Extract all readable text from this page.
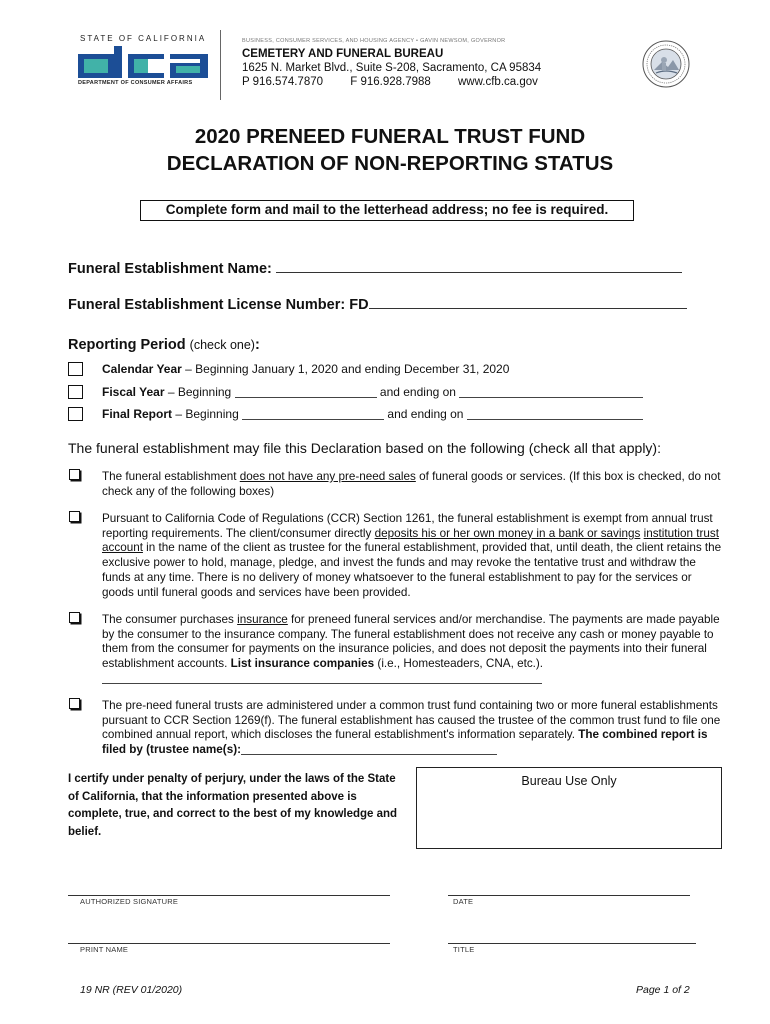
STATE OF CALIFORNIA
DEPARTMENT OF CONSUMER AFFAIRS
BUSINESS, CONSUMER SERVICES, AND HOUSING AGENCY • GAVIN NEWSOM, GOVERNOR
CEMETERY AND FUNERAL BUREAU
1625 N. Market Blvd., Suite S-208, Sacramento, CA 95834
P 916.574.7870 F 916.928.7988 www.cfb.ca.gov
2020 PRENEED FUNERAL TRUST FUND
DECLARATION OF NON-REPORTING STATUS
Complete form and mail to the letterhead address; no fee is required.
Funeral Establishment Name:
Funeral Establishment License Number: FD
Reporting Period (check one):
Calendar Year – Beginning January 1, 2020 and ending December 31, 2020
Fiscal Year – Beginning	and ending on
Final Report – Beginning	and ending on
The funeral establishment may file this Declaration based on the following (check all that apply):
The funeral establishment does not have any pre-need sales of funeral goods or services. (If this box is checked, do not check any of the following boxes)
Pursuant to California Code of Regulations (CCR) Section 1261, the funeral establishment is exempt from annual trust reporting requirements. The client/consumer directly deposits his or her own money in a bank or savings institution trust account in the name of the client as trustee for the funeral establishment, provided that, until death, the client retains the exclusive power to hold, manage, pledge, and invest the funds and may revoke the tentative trust and withdraw the funds at any time. There is no delivery of money whatsoever to the funeral establishment to pay for the services or goods until funeral goods and services have been provided.
The consumer purchases insurance for preneed funeral services and/or merchandise. The payments are made payable by the consumer to the insurance company. The funeral establishment does not receive any cash or money payable to them from the consumer for payments on the insurance policies, and does not deposit the payments into their funeral establishment accounts. List insurance companies (i.e., Homesteaders, CNA, etc.).
The pre-need funeral trusts are administered under a common trust fund containing two or more funeral establishments pursuant to CCR Section 1269(f). The funeral establishment has caused the trustee of the common trust fund to file one combined annual report, which discloses the funeral establishment's information separately. The combined report is filed by (trustee name(s):
I certify under penalty of perjury, under the laws of the State of California, that the information presented above is complete, true, and correct to the best of my knowledge and belief.
Bureau Use Only
AUTHORIZED SIGNATURE	DATE
PRINT NAME	TITLE
19 NR (REV 01/2020)	Page 1 of 2
